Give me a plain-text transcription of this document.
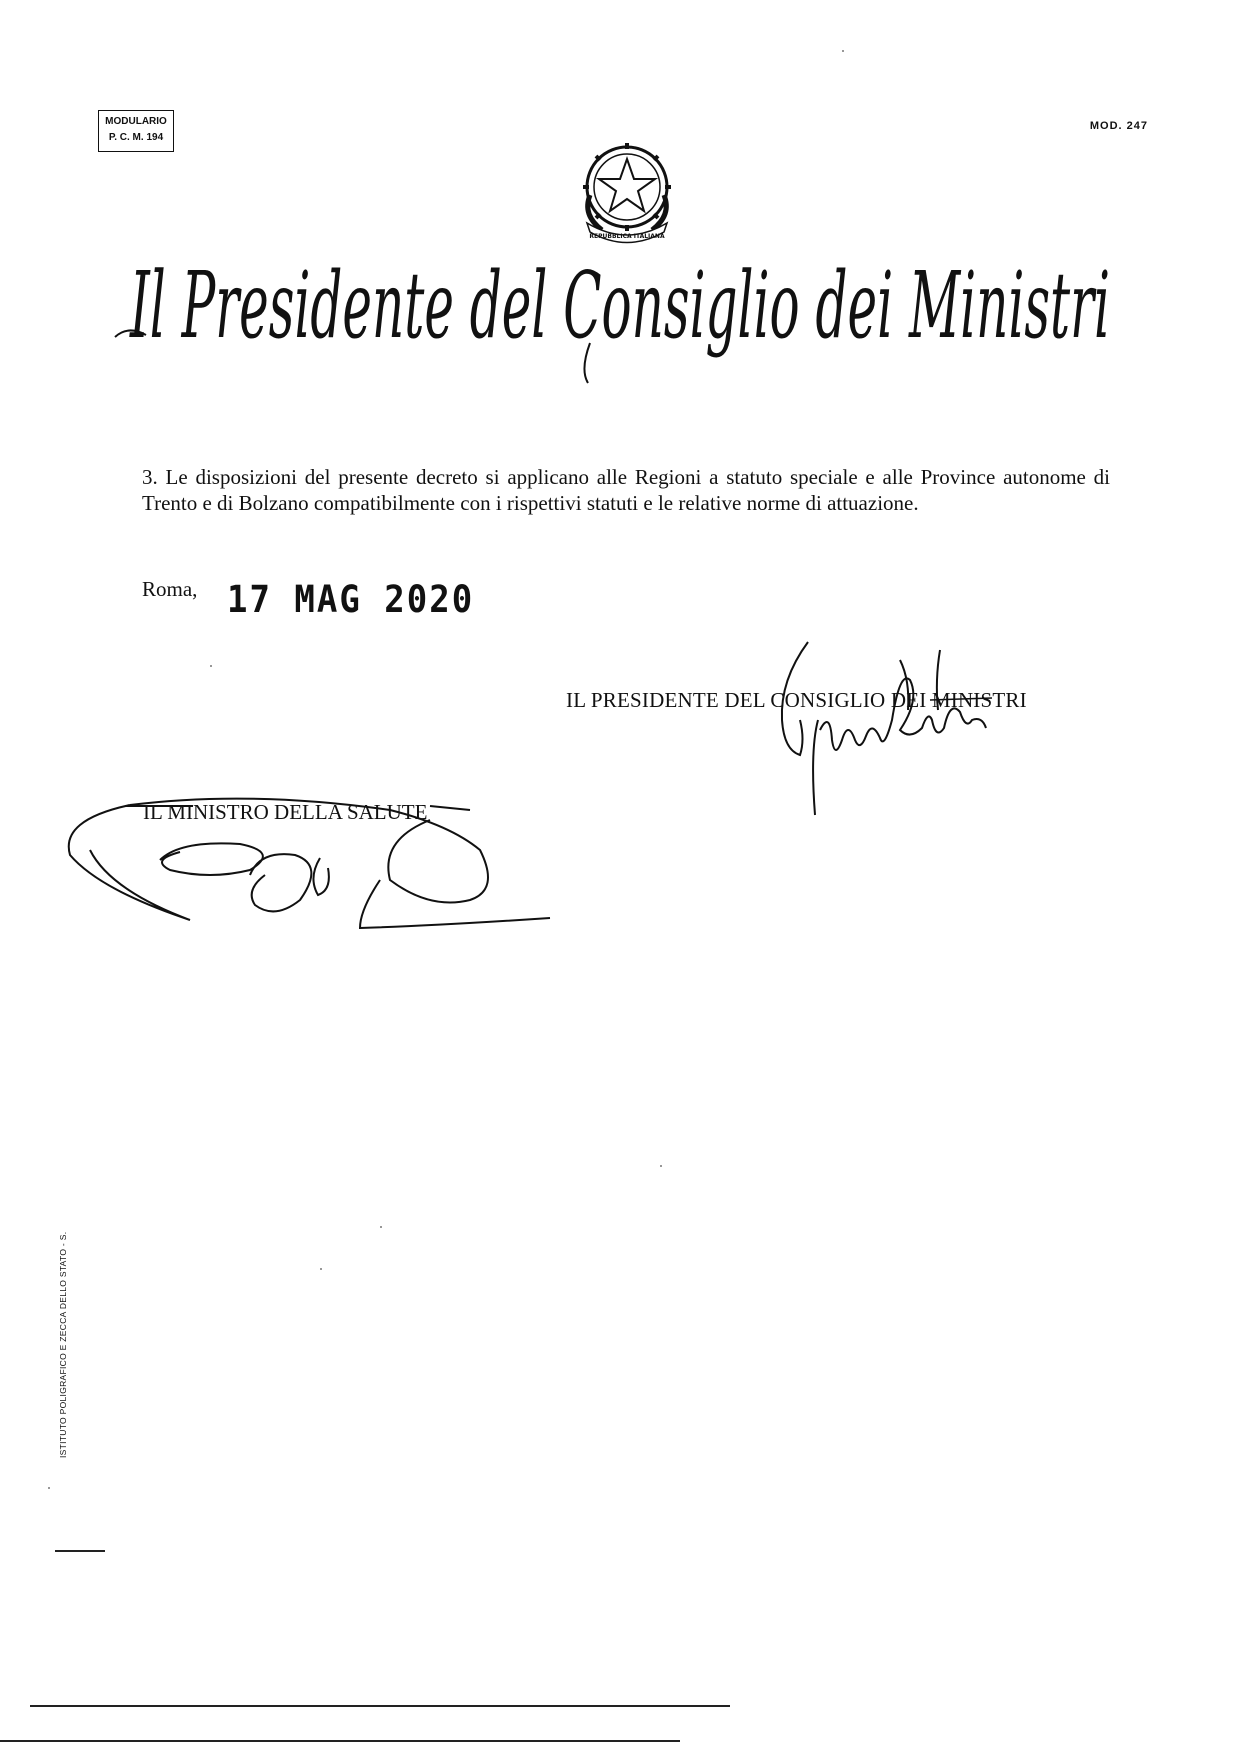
MODULARIO
P. C. M. 194
MOD. 247
REPUBBLICA ITALIANA
Il Presidente del Consiglio dei Ministri
3. Le disposizioni del presente decreto si applicano alle Regioni a statuto speciale e alle Province autonome di Trento e di Bolzano compatibilmente con i rispettivi statuti e le relative norme di attuazione.
Roma, 17 MAG 2020
IL PRESIDENTE DEL CONSIGLIO DEI MINISTRI
IL MINISTRO DELLA SALUTE
ISTITUTO POLIGRAFICO E ZECCA DELLO STATO - S.
